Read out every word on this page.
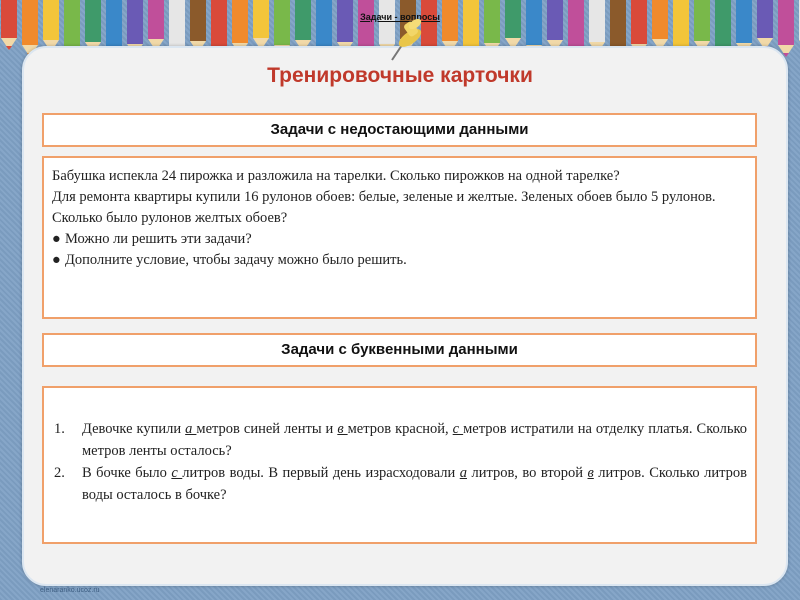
Задачи - вопросы
Тренировочные карточки
Задачи с недостающими данными

Бабушка испекла 24 пирожка и разложила на тарелки. Сколько пирожков на одной тарелке?

Для ремонта квартиры купили 16 рулонов обоев: белые, зеленые и желтые. Зеленых обоев было 5 рулонов. Сколько было рулонов желтых обоев?

● Можно ли решить эти задачи?

● Дополните условие, чтобы задачу можно было решить.

Задачи с буквенными данными
1. Девочке купили а метров синей ленты и в метров красной, с метров истратили на отделку платья. Сколько метров ленты осталось?
2. В бочке было с литров воды. В первый день израсходовали а литров, во второй в литров. Сколько литров воды осталось в бочке?
elenaranko.ucoz.ru
